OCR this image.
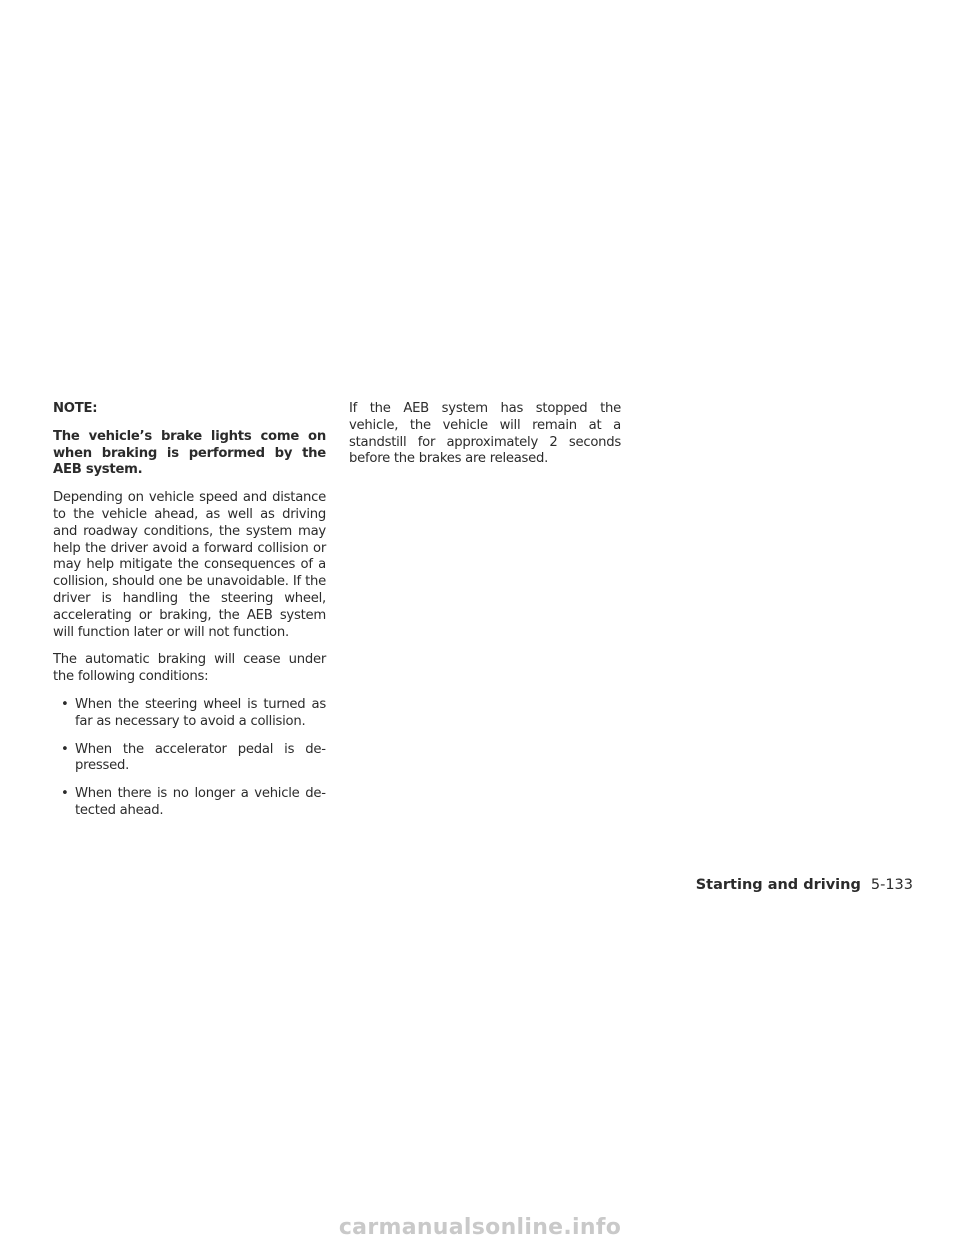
NOTE:

The vehicle’s brake lights come on when braking is performed by the AEB system.

Depending on vehicle speed and distance to the vehicle ahead, as well as driving and roadway conditions, the system may help the driver avoid a forward collision or may help mitigate the consequences of a collision, should one be unavoidable. If the driver is handling the steering wheel, accelerating or braking, the AEB system will function later or will not function.

The automatic braking will cease under the following conditions:

• When the steering wheel is turned as far as necessary to avoid a collision.
• When the accelerator pedal is depressed.
• When there is no longer a vehicle detected ahead.

If the AEB system has stopped the vehicle, the vehicle will remain at a standstill for approximately 2 seconds before the brakes are released.

Starting and driving 5-133
carmanualsonline.info
